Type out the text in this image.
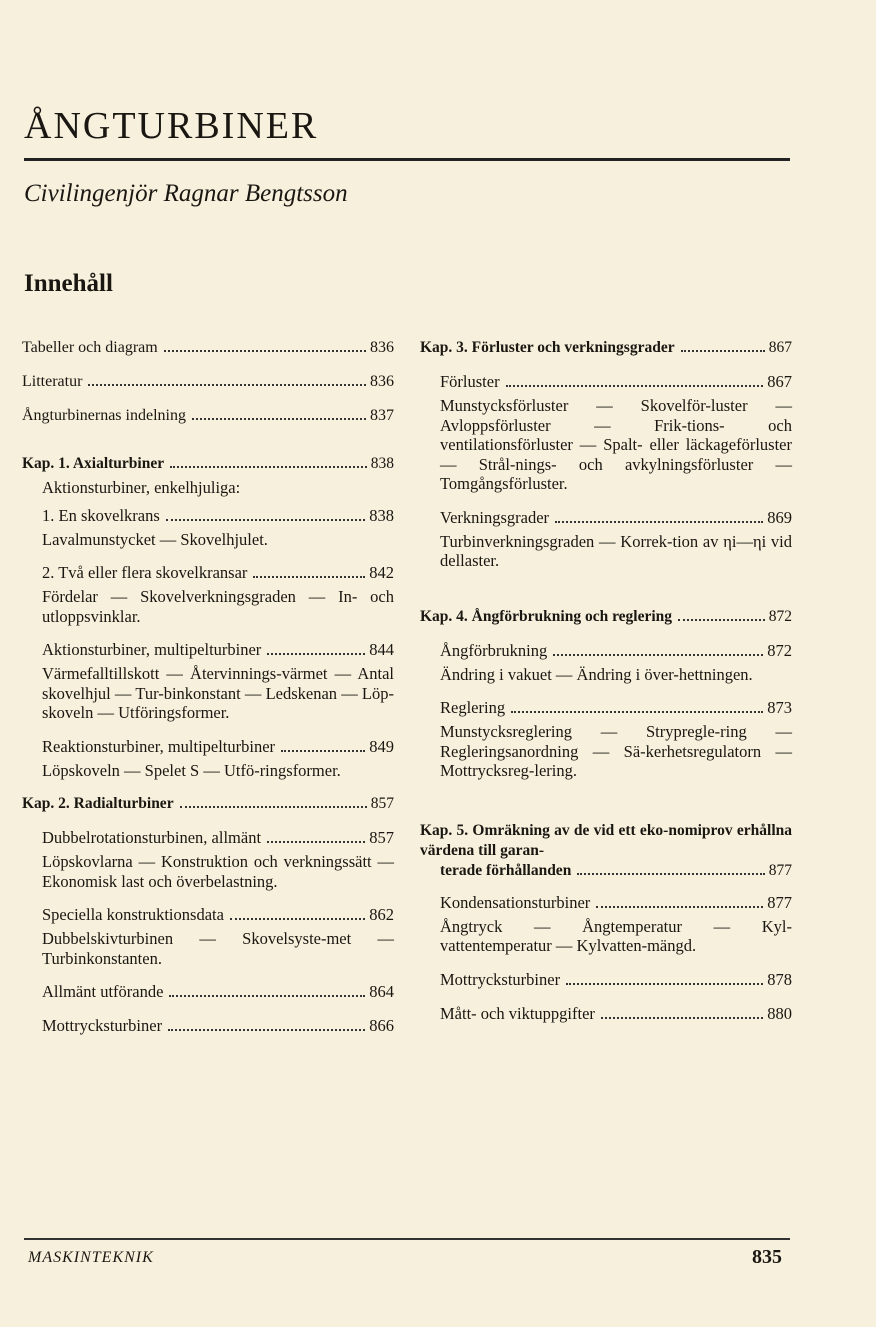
ÅNGTURBINER
Civilingenjör Ragnar Bengtsson
Innehåll
Tabeller och diagram	836
Litteratur	836
Ångturbinernas indelning	837
Kap. 1. Axialturbiner	838
Aktionsturbiner, enkelhjuliga:
1. En skovelkrans	838
Lavalmunstycket — Skovelhjulet.
2. Två eller flera skovelkransar	842
Fördelar — Skovelverkningsgraden — In- och utloppsvinklar.
Aktionsturbiner, multipelturbiner	844
Värmefalltillskott — Återvinnings-värmet — Antal skovelhjul — Tur-binkonstant — Ledskenan — Löp-skoveln — Utföringsformer.
Reaktionsturbiner, multipelturbiner	849
Löpskoveln — Spelet S — Utfö-ringsformer.
Kap. 2. Radialturbiner	857
Dubbelrotationsturbinen, allmänt	857
Löpskovlarna — Konstruktion och verkningssätt — Ekonomisk last och överbelastning.
Speciella konstruktionsdata	862
Dubbelskivturbinen — Skovelsyste-met — Turbinkonstanten.
Allmänt utförande	864
Mottrycksturbiner	866
Kap. 3. Förluster och verkningsgrader	867
Förluster	867
Munstycksförluster — Skovelför-luster — Avloppsförluster — Frik-tions- och ventilationsförluster — Spalt- eller läckageförluster — Strål-nings- och avkylningsförluster — Tomgångsförluster.
Verkningsgrader	869
Turbinverkningsgraden — Korrek-tion av ηi—ηi vid dellaster.
Kap. 4. Ångförbrukning och reglering	872
Ångförbrukning	872
Ändring i vakuet — Ändring i över-hettningen.
Reglering	873
Munstycksreglering — Strypregle-ring — Regleringsanordning — Sä-kerhetsregulatorn — Mottrycksreg-lering.
Kap. 5. Omräkning av de vid ett eko-nomiprov erhållna värdena till garan-
terade förhållanden	877
Kondensationsturbiner	877
Ångtryck — Ångtemperatur — Kyl-vattentemperatur — Kylvatten-mängd.
Mottrycksturbiner	878
Mått- och viktuppgifter	880
MASKINTEKNIK	835
